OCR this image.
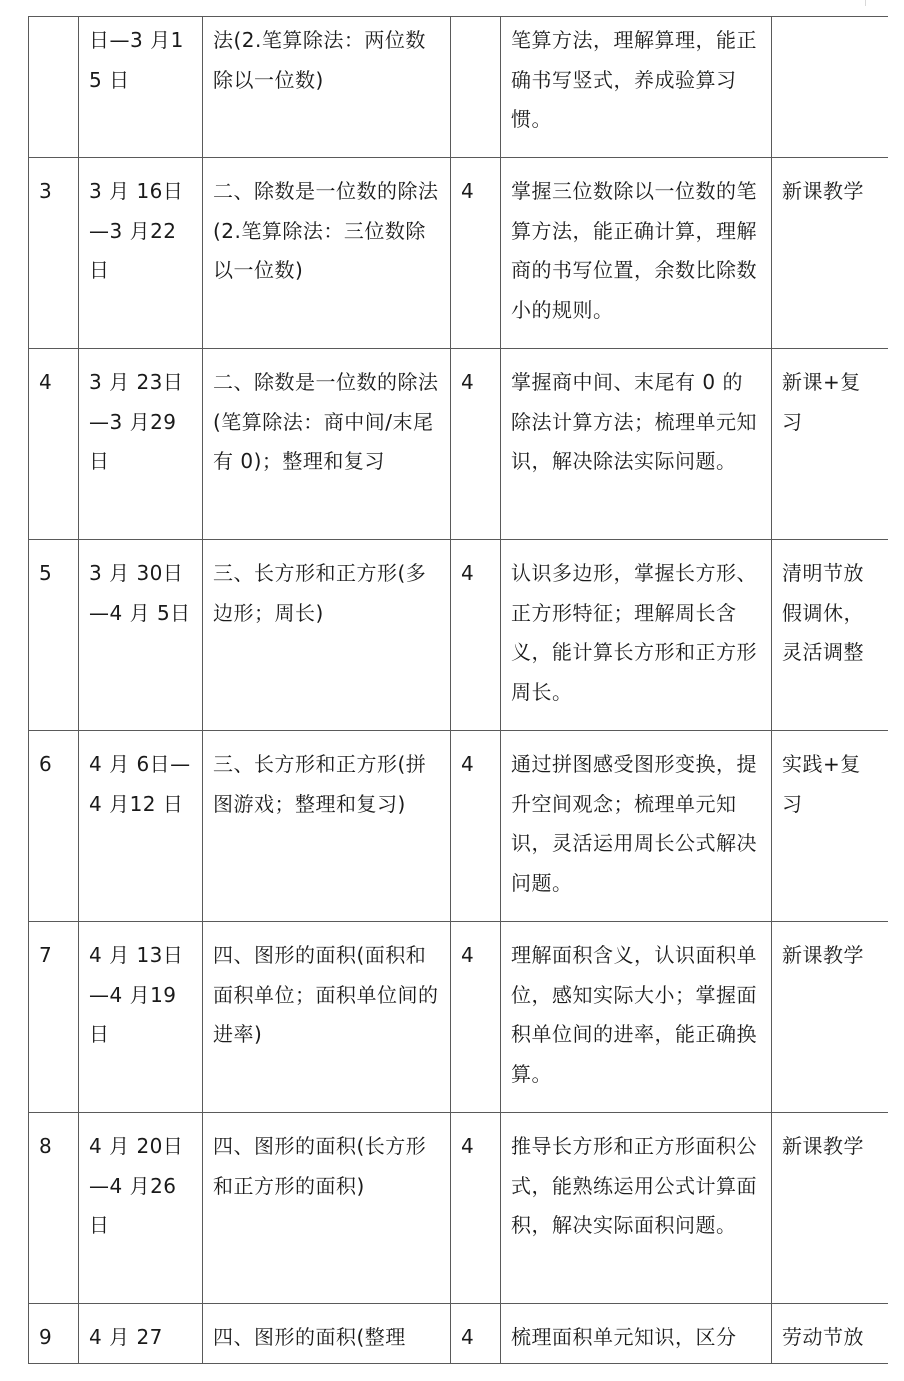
	日—3 月15 日	法(2.笔算除法：两位数除以一位数)		笔算方法，理解算理，能正确书写竖式，养成验算习惯。	
3	3 月 16日—3 月22 日	二、除数是一位数的除法(2.笔算除法：三位数除以一位数)	4	掌握三位数除以一位数的笔算方法，能正确计算，理解商的书写位置，余数比除数小的规则。	新课教学
4	3 月 23日—3 月29 日	二、除数是一位数的除法(笔算除法：商中间/末尾有 0)；整理和复习	4	掌握商中间、末尾有 0 的除法计算方法；梳理单元知识，解决除法实际问题。	新课+复习
5	3 月 30日—4 月 5日	三、长方形和正方形(多边形；周长)	4	认识多边形，掌握长方形、正方形特征；理解周长含义，能计算长方形和正方形周长。	清明节放假调休，灵活调整
6	4 月 6日—4 月12 日	三、长方形和正方形(拼图游戏；整理和复习)	4	通过拼图感受图形变换，提升空间观念；梳理单元知识，灵活运用周长公式解决问题。	实践+复习
7	4 月 13日—4 月19 日	四、图形的面积(面积和面积单位；面积单位间的进率)	4	理解面积含义，认识面积单位，感知实际大小；掌握面积单位间的进率，能正确换算。	新课教学
8	4 月 20日—4 月26 日	四、图形的面积(长方形和正方形的面积)	4	推导长方形和正方形面积公式，能熟练运用公式计算面积，解决实际面积问题。	新课教学
9	4 月 27	四、图形的面积(整理	4	梳理面积单元知识，区分	劳动节放
